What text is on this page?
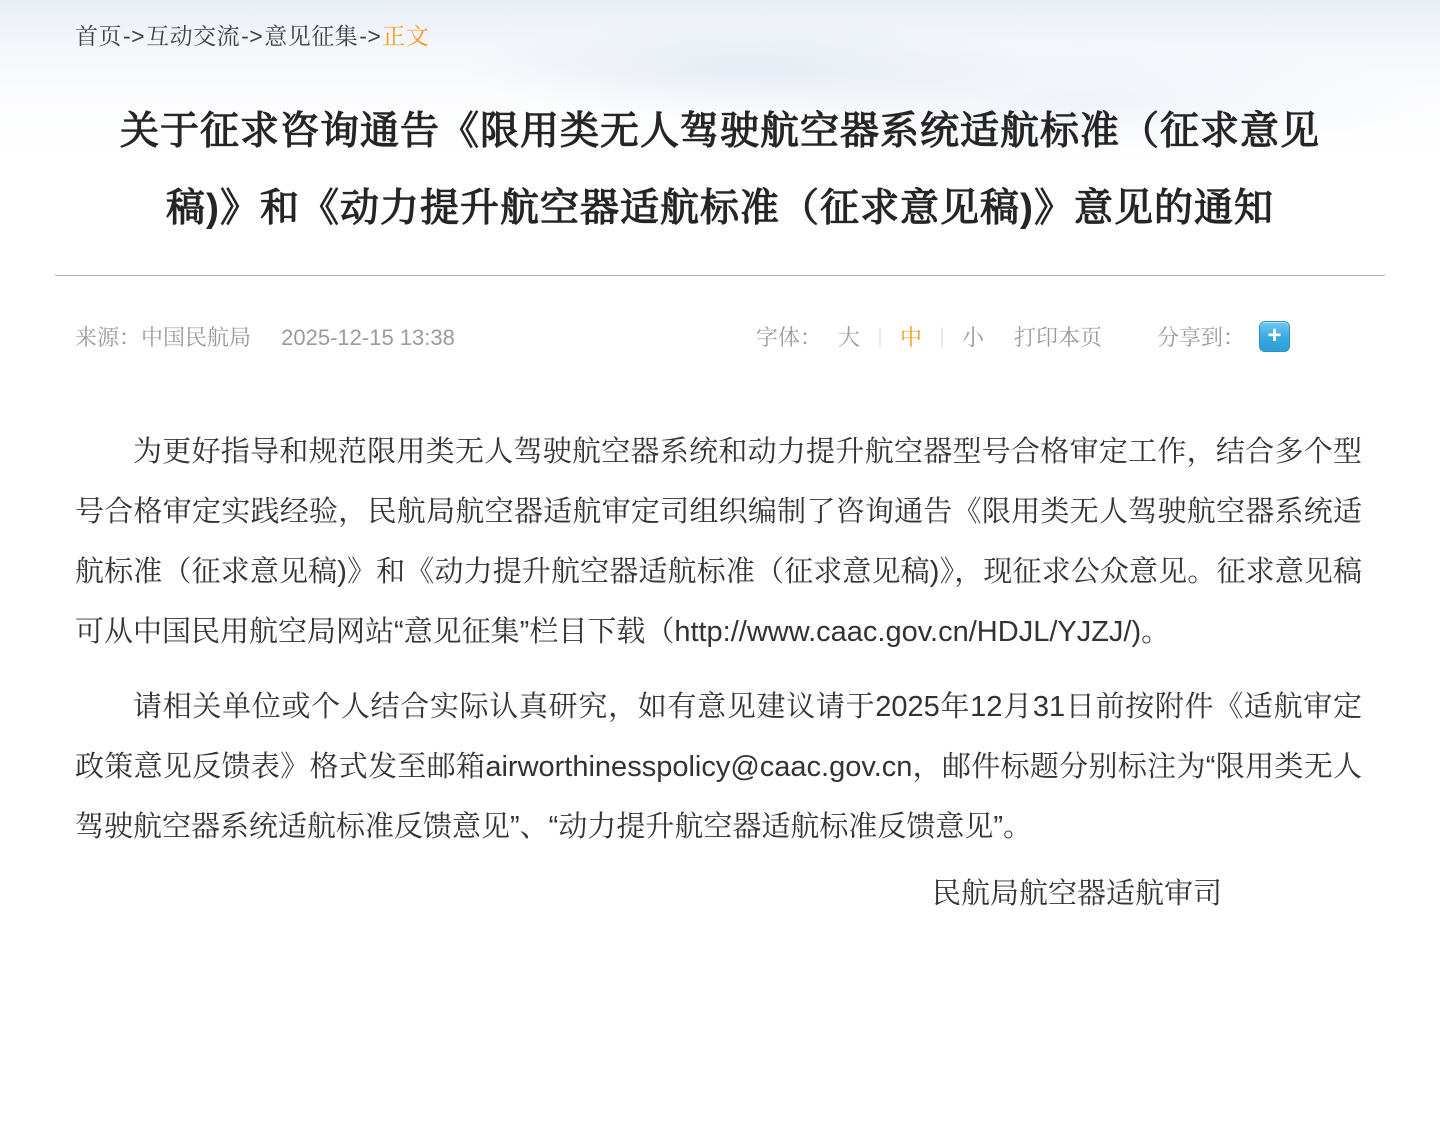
首页->互动交流->意见征集->正文
关于征求咨询通告《限用类无人驾驶航空器系统适航标准（征求意见稿)》和《动力提升航空器适航标准（征求意见稿)》意见的通知
来源：中国民航局 2025-12-15 13:38	字体： 大 ｜ 中 ｜ 小 打印本页	分享到： +

为更好指导和规范限用类无人驾驶航空器系统和动力提升航空器型号合格审定工作，结合多个型号合格审定实践经验，民航局航空器适航审定司组织编制了咨询通告《限用类无人驾驶航空器系统适航标准（征求意见稿)》和《动力提升航空器适航标准（征求意见稿)》，现征求公众意见。征求意见稿可从中国民用航空局网站“意见征集”栏目下载（http://www.caac.gov.cn/HDJL/YJZJ/)。

请相关单位或个人结合实际认真研究，如有意见建议请于2025年12月31日前按附件《适航审定政策意见反馈表》格式发至邮箱airworthinesspolicy@caac.gov.cn，邮件标题分别标注为“限用类无人驾驶航空器系统适航标准反馈意见”、“动力提升航空器适航标准反馈意见”。

民航局航空器适航审司
